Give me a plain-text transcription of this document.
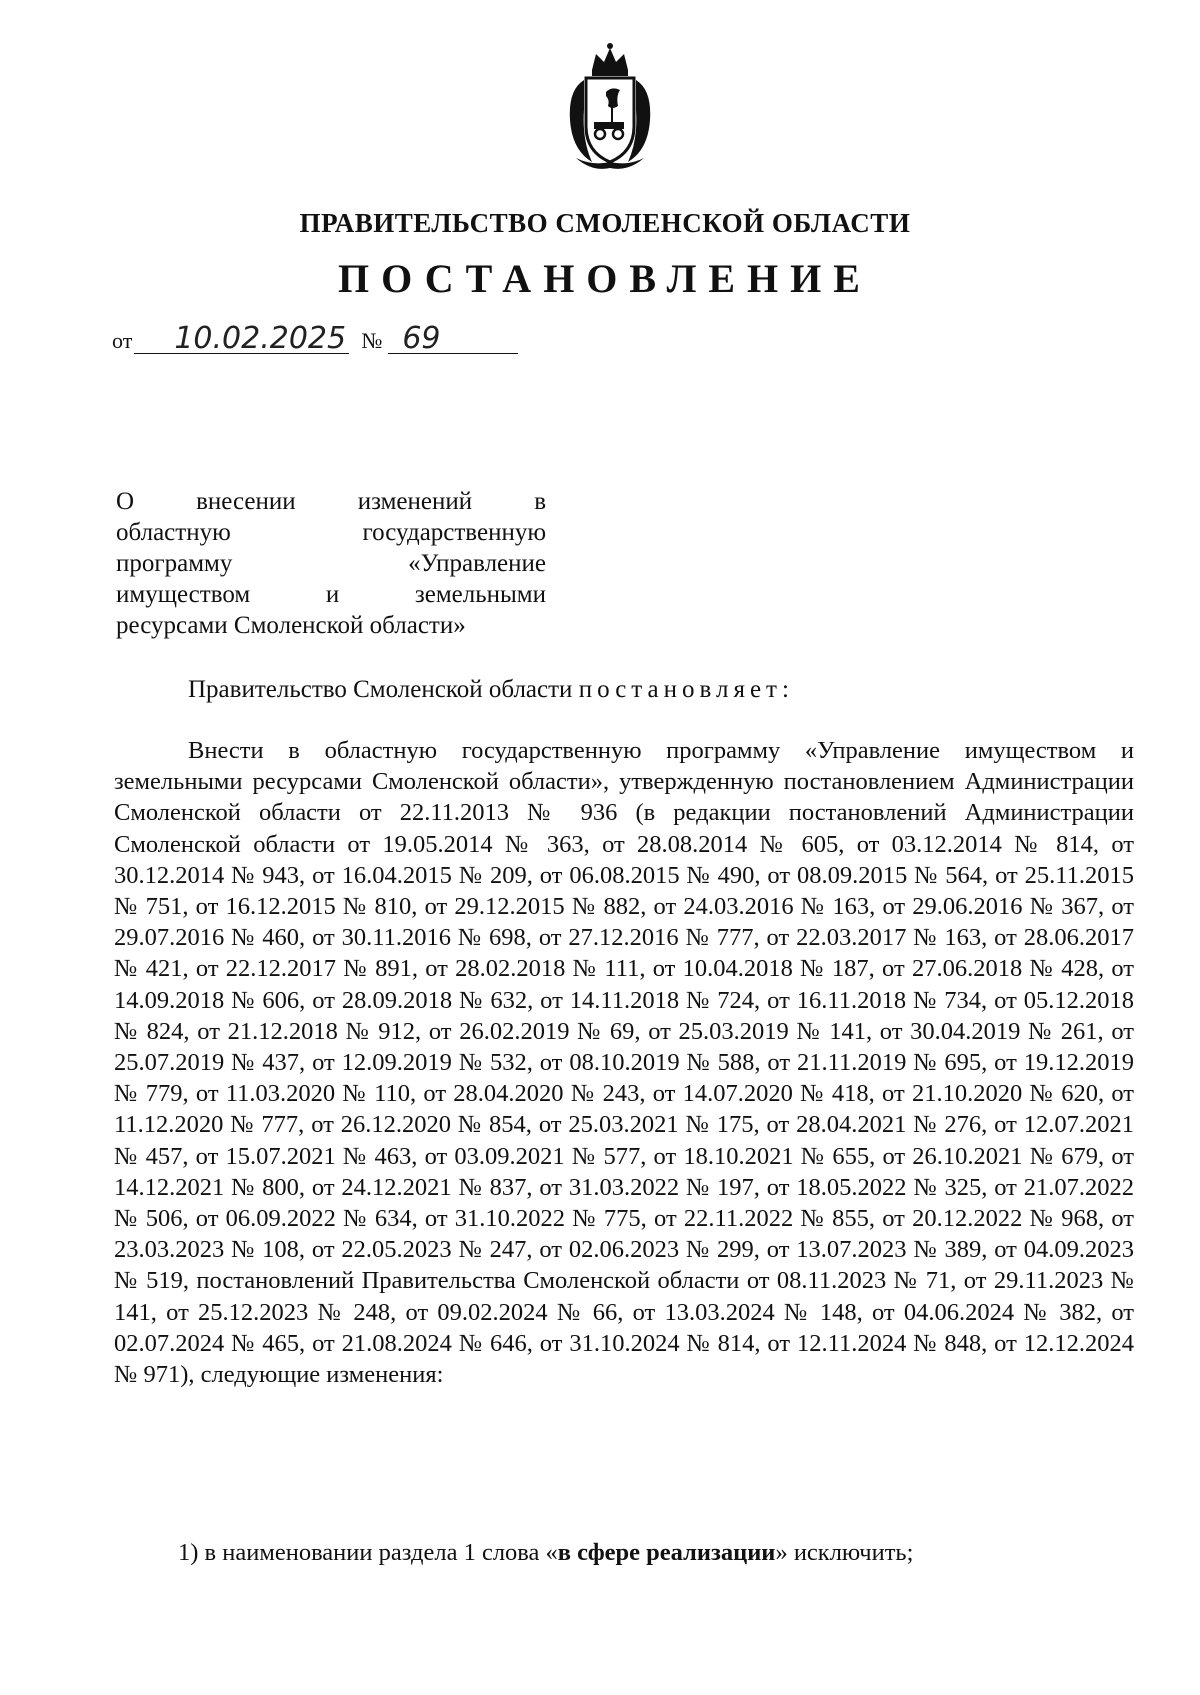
ПРАВИТЕЛЬСТВО СМОЛЕНСКОЙ ОБЛАСТИ
ПОСТАНОВЛЕНИЕ
от	10.02.2025 № 69
О внесении изменений в
областную государственную
программу «Управление
имуществом и земельными
ресурсами Смоленской области»
Правительство Смоленской области постановляет:

Внести в областную государственную программу «Управление имуществом и земельными ресурсами Смоленской области», утвержденную постановлением Администрации Смоленской области от 22.11.2013 № 936 (в редакции постановлений Администрации Смоленской области от 19.05.2014 № 363, от 28.08.2014 № 605, от 03.12.2014 № 814, от 30.12.2014 № 943, от 16.04.2015 № 209, от 06.08.2015 № 490, от 08.09.2015 № 564, от 25.11.2015 № 751, от 16.12.2015 № 810, от 29.12.2015 № 882, от 24.03.2016 № 163, от 29.06.2016 № 367, от 29.07.2016 № 460, от 30.11.2016 № 698, от 27.12.2016 № 777, от 22.03.2017 № 163, от 28.06.2017 № 421, от 22.12.2017 № 891, от 28.02.2018 № 111, от 10.04.2018 № 187, от 27.06.2018 № 428, от 14.09.2018 № 606, от 28.09.2018 № 632, от 14.11.2018 № 724, от 16.11.2018 № 734, от 05.12.2018 № 824, от 21.12.2018 № 912, от 26.02.2019 № 69, от 25.03.2019 № 141, от 30.04.2019 № 261, от 25.07.2019 № 437, от 12.09.2019 № 532, от 08.10.2019 № 588, от 21.11.2019 № 695, от 19.12.2019 № 779, от 11.03.2020 № 110, от 28.04.2020 № 243, от 14.07.2020 № 418, от 21.10.2020 № 620, от 11.12.2020 № 777, от 26.12.2020 № 854, от 25.03.2021 № 175, от 28.04.2021 № 276, от 12.07.2021 № 457, от 15.07.2021 № 463, от 03.09.2021 № 577, от 18.10.2021 № 655, от 26.10.2021 № 679, от 14.12.2021 № 800, от 24.12.2021 № 837, от 31.03.2022 № 197, от 18.05.2022 № 325, от 21.07.2022 № 506, от 06.09.2022 № 634, от 31.10.2022 № 775, от 22.11.2022 № 855, от 20.12.2022 № 968, от 23.03.2023 № 108, от 22.05.2023 № 247, от 02.06.2023 № 299, от 13.07.2023 № 389, от 04.09.2023 № 519, постановлений Правительства Смоленской области от 08.11.2023 № 71, от 29.11.2023 № 141, от 25.12.2023 № 248, от 09.02.2024 № 66, от 13.03.2024 № 148, от 04.06.2024 № 382, от 02.07.2024 № 465, от 21.08.2024 № 646, от 31.10.2024 № 814, от 12.11.2024 № 848, от 12.12.2024 № 971), следующие изменения:

1) в наименовании раздела 1 слова «в сфере реализации» исключить;
